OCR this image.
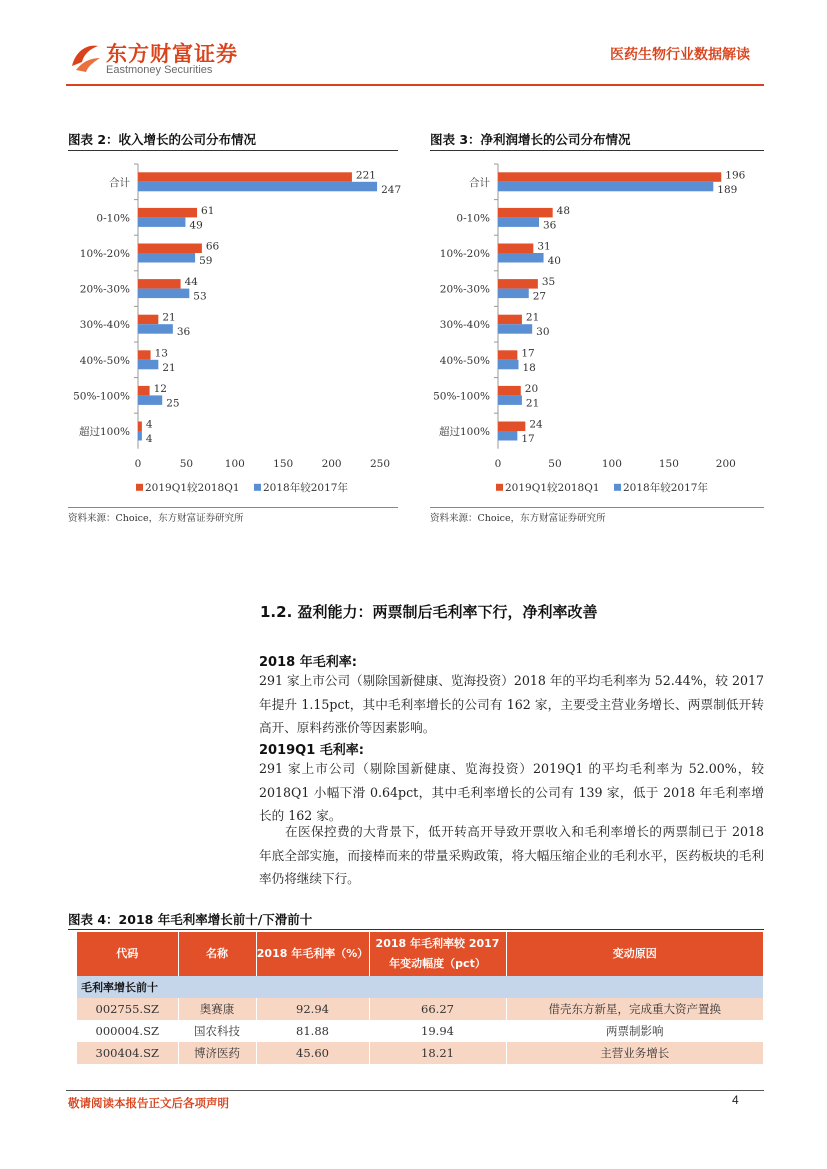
东方财富证券
Eastmoney Securities
医药生物行业数据解读
图表 2：收入增长的公司分布情况
0	50	100	150	200	250
合计
221
247
0-10%
61
49
10%-20%
66
59
20%-30%
44
53
30%-40%
21
36
40%-50%
13
21
50%-100%
12
25
超过100%
4
4
2019Q1较2018Q1 2018年较2017年
资料来源：Choice，东方财富证券研究所
图表 3：净利润增长的公司分布情况
0	50	100	150	200
合计
196
189
0-10%
48
36
10%-20%
31
40
20%-30%
35
27
30%-40%
21
30
40%-50%
17
18
50%-100%
20
21
超过100%
24
17
2019Q1较2018Q1 2018年较2017年
资料来源：Choice，东方财富证券研究所
1.2. 盈利能力：两票制后毛利率下行，净利率改善
2018 年毛利率:
291 家上市公司（剔除国新健康、览海投资）2018 年的平均毛利率为 52.44%，较 2017 年提升 1.15pct，其中毛利率增长的公司有 162 家，主要受主营业务增长、两票制低开转高开、原料药涨价等因素影响。
2019Q1 毛利率:
291 家上市公司（剔除国新健康、览海投资）2019Q1 的平均毛利率为 52.00%，较 2018Q1 小幅下滑 0.64pct，其中毛利率增长的公司有 139 家，低于 2018 年毛利率增长的 162 家。
在医保控费的大背景下，低开转高开导致开票收入和毛利率增长的两票制已于 2018 年底全部实施，而接棒而来的带量采购政策，将大幅压缩企业的毛利水平，医药板块的毛利率仍将继续下行。
图表 4：2018 年毛利率增长前十/下滑前十
代码	名称	2018 年毛利率（%）	2018 年毛利率较 2017 年变动幅度（pct）	变动原因
毛利率增长前十				
002755.SZ	奥赛康	92.94	66.27	借壳东方新星，完成重大资产置换
000004.SZ	国农科技	81.88	19.94	两票制影响
300404.SZ	博济医药	45.60	18.21	主营业务增长
敬请阅读本报告正文后各项声明	4
